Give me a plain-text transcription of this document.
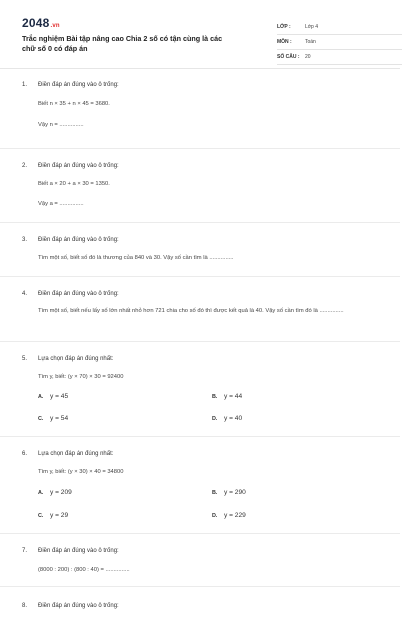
2048.vn
Trắc nghiệm Bài tập nâng cao Chia 2 số có tận cùng là các chữ số 0 có đáp án
LỚP :	Lớp 4
MÔN :	Toán
SỐ CÂU : 20
1. Điền đáp án đúng vào ô trống:
Biết n × 35 + n × 45 = 3680.
Vậy n = ...............
2. Điền đáp án đúng vào ô trống:
Biết a × 20 + a × 30 = 1350.
Vậy a = ...............
3. Điền đáp án đúng vào ô trống:
Tìm một số, biết số đó là thương của 840 và 30. Vậy số cần tìm là ...............
4. Điền đáp án đúng vào ô trống:
Tìm một số, biết nếu lấy số lớn nhất nhỏ hơn 721 chia cho số đó thì được kết quả là 40. Vậy số cần tìm đó là ...............
5. Lựa chọn đáp án đúng nhất:
Tìm y, biết: (y × 70) × 30 = 92400
A. y = 45	B. y = 44
C. y = 54	D. y = 40
6. Lựa chọn đáp án đúng nhất:
Tìm y, biết: (y × 30) × 40 = 34800
A. y = 209	B. y = 290
C. y = 29	D. y = 229
7. Điền đáp án đúng vào ô trống:
(8000 : 200) : (800 : 40) = ...............
8. Điền đáp án đúng vào ô trống:
